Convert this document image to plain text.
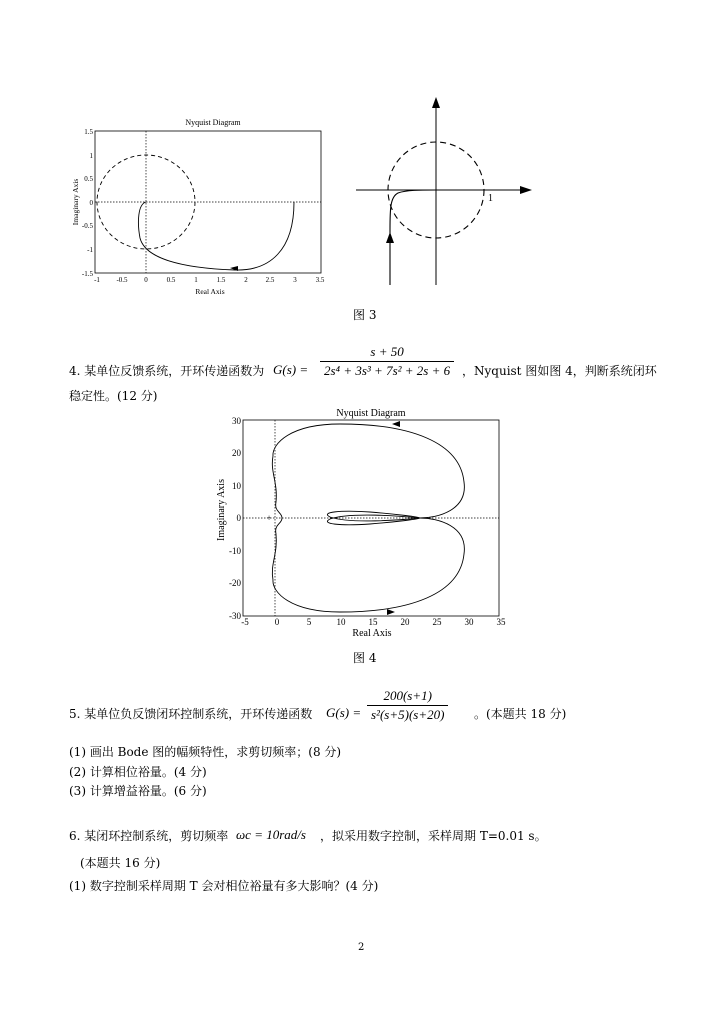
Nyquist Diagram
1.5
1
0.5
0
-0.5
-1
-1.5
-1 -0.5 0	0.5	1	1.5	2	2.5	3	3.5
Real Axis
Imaginary Axis	1
图 3
4. 某单位反馈系统，开环传递函数为 G(s) =
s + 50
2s⁴ + 3s³ + 7s² + 2s + 6 ，Nyquist 图如图 4，判断系统闭环
稳定性。(12 分)
Nyquist Diagram
30
20
10
0
-10
-20
-30
-5	0	5	10	15	20	25	30	35
Real Axis
Imaginary Axis	+
图 4
5. 某单位负反馈闭环控制系统，开环传递函数 G(s) =
200(s+1)
s²(s+5)(s+20)	。(本题共 18 分)
(1) 画出 Bode 图的幅频特性，求剪切频率；(8 分)
(2) 计算相位裕量。(4 分)
(3) 计算增益裕量。(6 分)
6. 某闭环控制系统，剪切频率 ωc = 10rad/s ，拟采用数字控制，采样周期 T=0.01 s。
(本题共 16 分)
(1) 数字控制采样周期 T 会对相位裕量有多大影响？(4 分)
2
